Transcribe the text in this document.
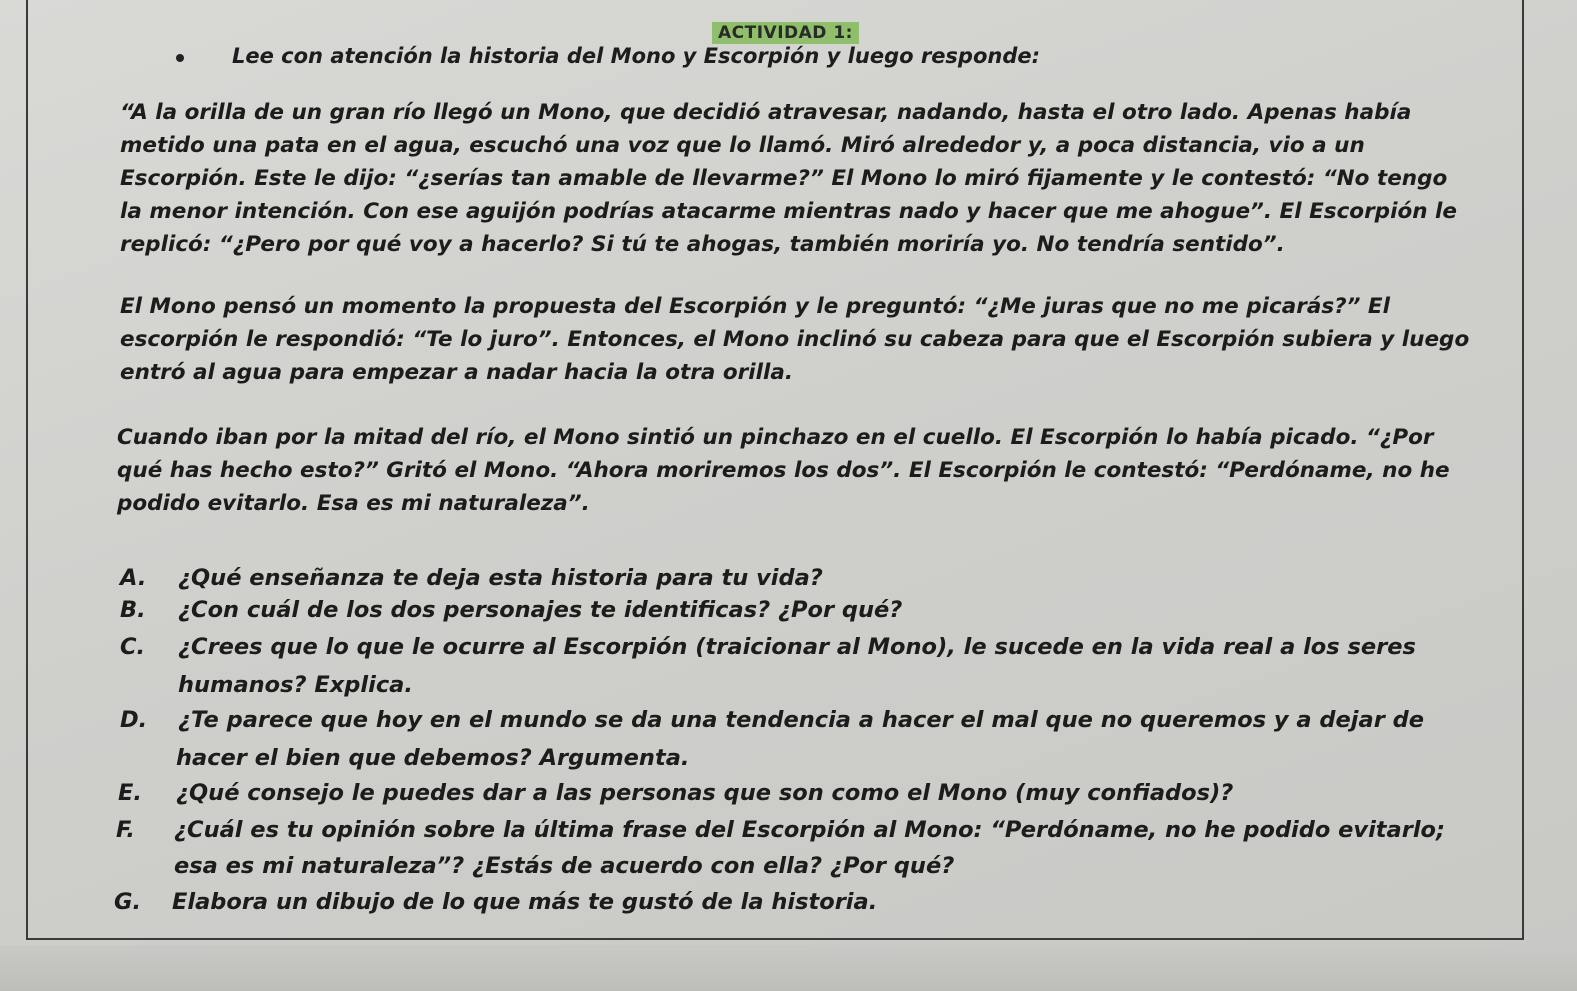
ACTIVIDAD 1:
Lee con atención la historia del Mono y Escorpión y luego responde:

“A la orilla de un gran río llegó un Mono, que decidió atravesar, nadando, hasta el otro lado. Apenas había metido una pata en el agua, escuchó una voz que lo llamó. Miró alrededor y, a poca distancia, vio a un Escorpión. Este le dijo: “¿serías tan amable de llevarme?” El Mono lo miró fijamente y le contestó: “No tengo la menor intención. Con ese aguijón podrías atacarme mientras nado y hacer que me ahogue”. El Escorpión le replicó: “¿Pero por qué voy a hacerlo? Si tú te ahogas, también moriría yo. No tendría sentido”.

El Mono pensó un momento la propuesta del Escorpión y le preguntó: “¿Me juras que no me picarás?” El escorpión le respondió: “Te lo juro”. Entonces, el Mono inclinó su cabeza para que el Escorpión subiera y luego entró al agua para empezar a nadar hacia la otra orilla.

Cuando iban por la mitad del río, el Mono sintió un pinchazo en el cuello. El Escorpión lo había picado. “¿Por qué has hecho esto?” Gritó el Mono. “Ahora moriremos los dos”. El Escorpión le contestó: “Perdóname, no he podido evitarlo. Esa es mi naturaleza”.

A. ¿Qué enseñanza te deja esta historia para tu vida?
B. ¿Con cuál de los dos personajes te identificas? ¿Por qué?
C. ¿Crees que lo que le ocurre al Escorpión (traicionar al Mono), le sucede en la vida real a los seres
humanos? Explica.
D. ¿Te parece que hoy en el mundo se da una tendencia a hacer el mal que no queremos y a dejar de
hacer el bien que debemos? Argumenta.
E. ¿Qué consejo le puedes dar a las personas que son como el Mono (muy confiados)?
F. ¿Cuál es tu opinión sobre la última frase del Escorpión al Mono: “Perdóname, no he podido evitarlo;
esa es mi naturaleza”? ¿Estás de acuerdo con ella? ¿Por qué?
G. Elabora un dibujo de lo que más te gustó de la historia.
